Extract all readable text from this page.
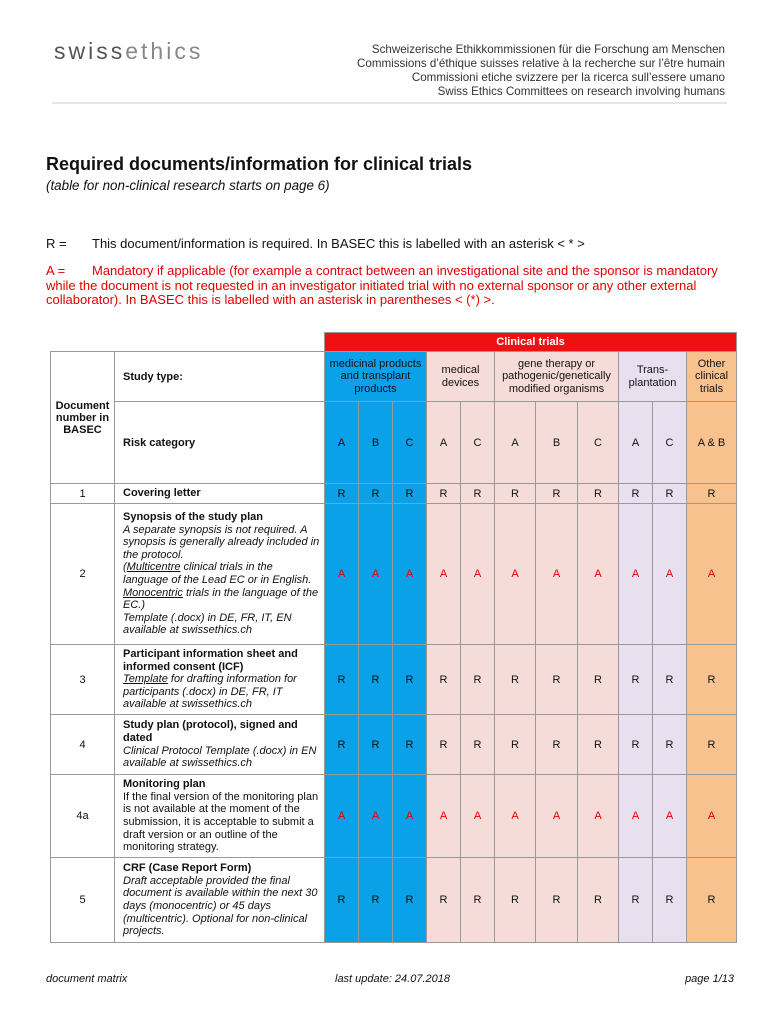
swissethics	Schweizerische Ethikkommissionen für die Forschung am Menschen
Commissions d’éthique suisses relative à la recherche sur l’être humain
Commissioni etiche svizzere per la ricerca sull’essere umano
Swiss Ethics Committees on research involving humans
Required documents/information for clinical trials
(table for non-clinical research starts on page 6)
R = This document/information is required. In BASEC this is labelled with an asterisk < * >
A = Mandatory if applicable (for example a contract between an investigational site and the sponsor is mandatory while the document is not requested in an investigator initiated trial with no external sponsor or any other external collaborator). In BASEC this is labelled with an asterisk in parentheses < (*) >.
		Clinical trials										
Document number in BASEC	Study type:	medicinal products and transplant products			medical devices		gene therapy or pathogenic/genetically modified organisms			Trans-plantation		Other clinical trials
	Risk category	A	B	C	A	C	A	B	C	A	C	A & B
1	Covering letter	R	R	R	R	R	R	R	R	R	R	R
2	Synopsis of the study plan
A separate synopsis is not required. A synopsis is generally already included in the protocol.
(Multicentre clinical trials in the language of the Lead EC or in English. Monocentric trials in the language of the EC.)
Template (.docx) in DE, FR, IT, EN available at swissethics.ch	A	A	A	A	A	A	A	A	A	A	A
3	Participant information sheet and informed consent (ICF)
Template for drafting information for participants (.docx) in DE, FR, IT available at swissethics.ch	R	R	R	R	R	R	R	R	R	R	R
4	Study plan (protocol), signed and dated
Clinical Protocol Template (.docx) in EN available at swissethics.ch	R	R	R	R	R	R	R	R	R	R	R
4a	Monitoring plan
If the final version of the monitoring plan is not available at the moment of the submission, it is acceptable to submit a draft version or an outline of the monitoring strategy.	A	A	A	A	A	A	A	A	A	A	A
5	CRF (Case Report Form)
Draft acceptable provided the final document is available within the next 30 days (monocentric) or 45 days (multicentric). Optional for non-clinical projects.	R	R	R	R	R	R	R	R	R	R	R
document matrix	last update: 24.07.2018	page 1/13
